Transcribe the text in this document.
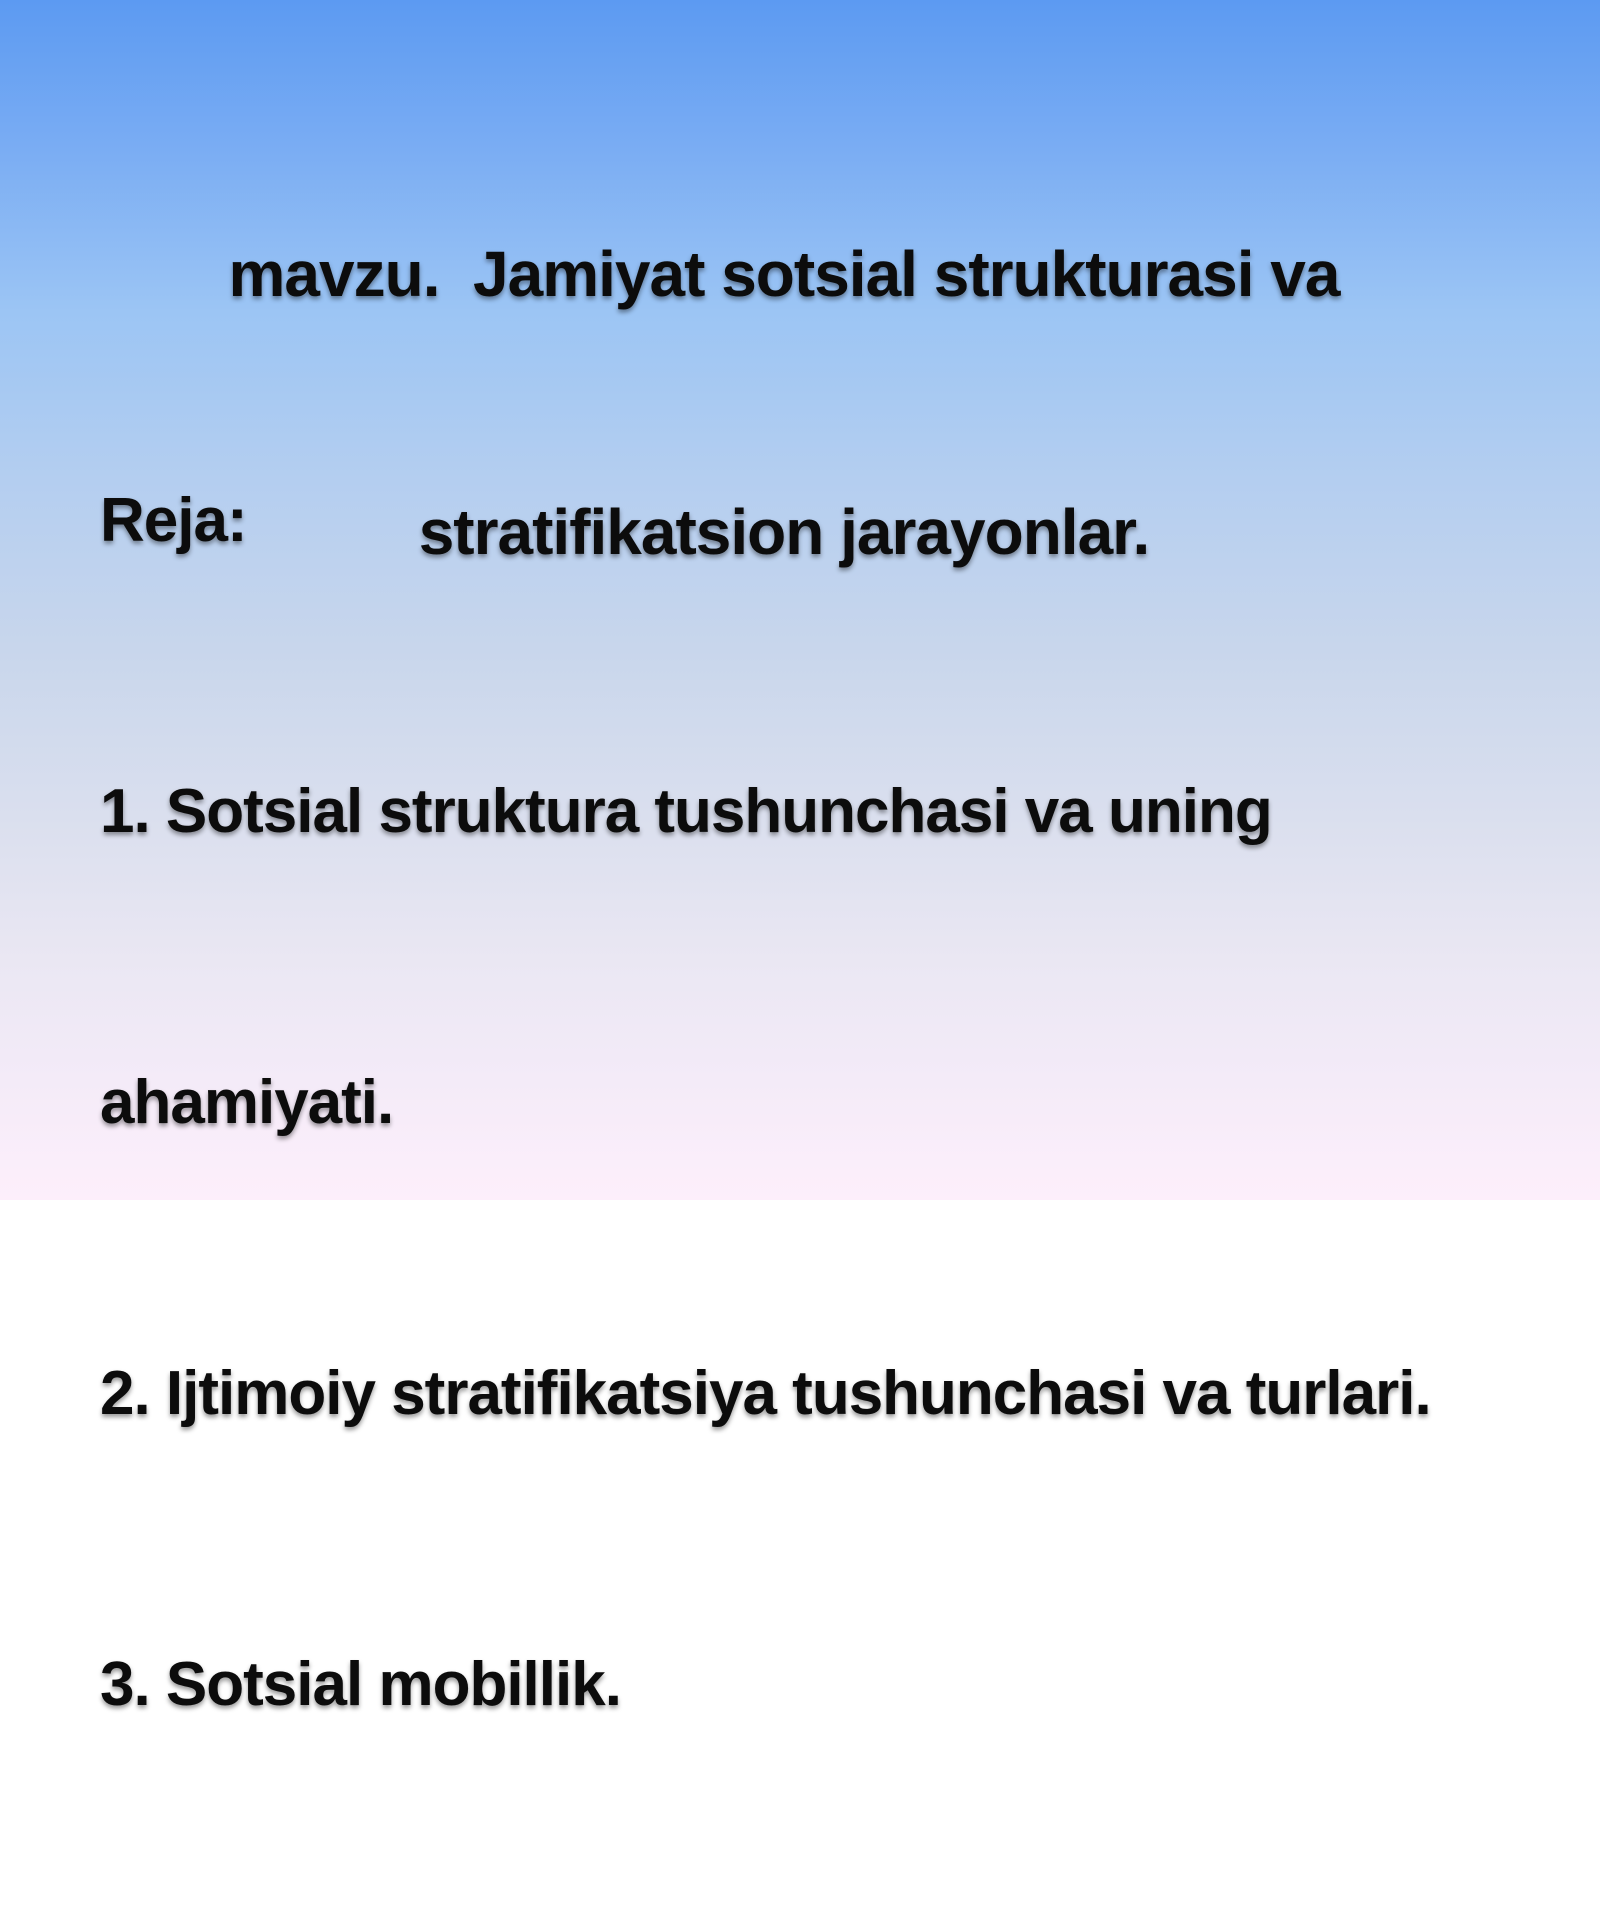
mavzu.  Jamiyat sotsial strukturasi va

stratifikatsion jarayonlar.

Reja:

1. Sotsial struktura tushunchasi va uning

ahamiyati.

2. Ijtimoiy stratifikatsiya tushunchasi va turlari.

3. Sotsial mobillik.
